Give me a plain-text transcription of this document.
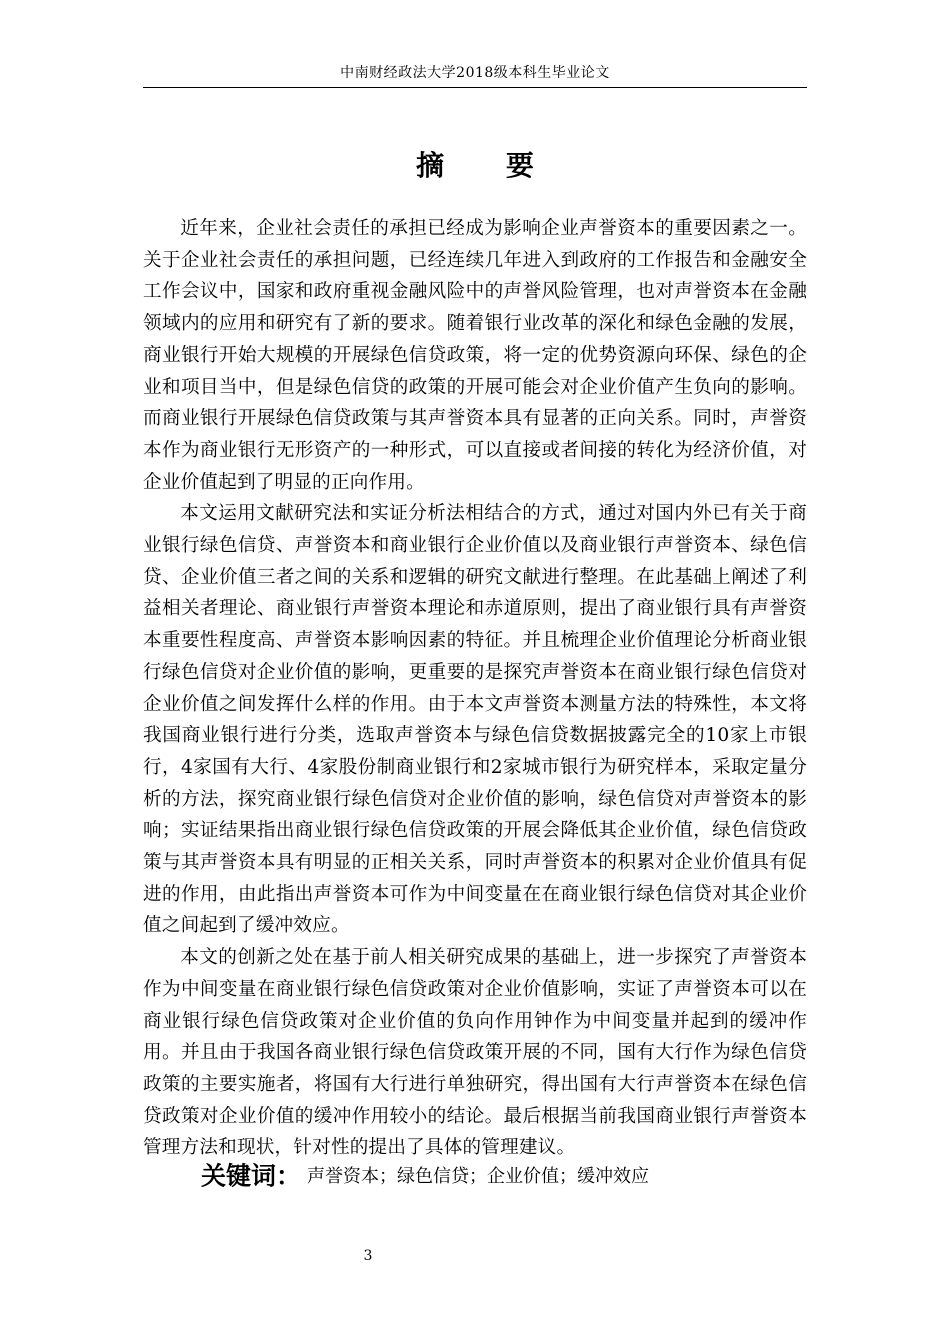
中南财经政法大学2018级本科生毕业论文
摘 要

近年来，企业社会责任的承担已经成为影响企业声誉资本的重要因素之一。关于企业社会责任的承担问题，已经连续几年进入到政府的工作报告和金融安全工作会议中，国家和政府重视金融风险中的声誉风险管理，也对声誉资本在金融领域内的应用和研究有了新的要求。随着银行业改革的深化和绿色金融的发展，商业银行开始大规模的开展绿色信贷政策，将一定的优势资源向环保、绿色的企业和项目当中，但是绿色信贷的政策的开展可能会对企业价值产生负向的影响。而商业银行开展绿色信贷政策与其声誉资本具有显著的正向关系。同时，声誉资本作为商业银行无形资产的一种形式，可以直接或者间接的转化为经济价值，对企业价值起到了明显的正向作用。

本文运用文献研究法和实证分析法相结合的方式，通过对国内外已有关于商业银行绿色信贷、声誉资本和商业银行企业价值以及商业银行声誉资本、绿色信贷、企业价值三者之间的关系和逻辑的研究文献进行整理。在此基础上阐述了利益相关者理论、商业银行声誉资本理论和赤道原则，提出了商业银行具有声誉资本重要性程度高、声誉资本影响因素的特征。并且梳理企业价值理论分析商业银行绿色信贷对企业价值的影响，更重要的是探究声誉资本在商业银行绿色信贷对企业价值之间发挥什么样的作用。由于本文声誉资本测量方法的特殊性，本文将我国商业银行进行分类，选取声誉资本与绿色信贷数据披露完全的10家上市银行，4家国有大行、4家股份制商业银行和2家城市银行为研究样本，采取定量分析的方法，探究商业银行绿色信贷对企业价值的影响，绿色信贷对声誉资本的影响；实证结果指出商业银行绿色信贷政策的开展会降低其企业价值，绿色信贷政策与其声誉资本具有明显的正相关关系，同时声誉资本的积累对企业价值具有促进的作用，由此指出声誉资本可作为中间变量在在商业银行绿色信贷对其企业价值之间起到了缓冲效应。

本文的创新之处在基于前人相关研究成果的基础上，进一步探究了声誉资本作为中间变量在商业银行绿色信贷政策对企业价值影响，实证了声誉资本可以在商业银行绿色信贷政策对企业价值的负向作用钟作为中间变量并起到的缓冲作用。并且由于我国各商业银行绿色信贷政策开展的不同，国有大行作为绿色信贷政策的主要实施者，将国有大行进行单独研究，得出国有大行声誉资本在绿色信贷政策对企业价值的缓冲作用较小的结论。最后根据当前我国商业银行声誉资本管理方法和现状，针对性的提出了具体的管理建议。

关键词： 声誉资本；绿色信贷；企业价值；缓冲效应
3
